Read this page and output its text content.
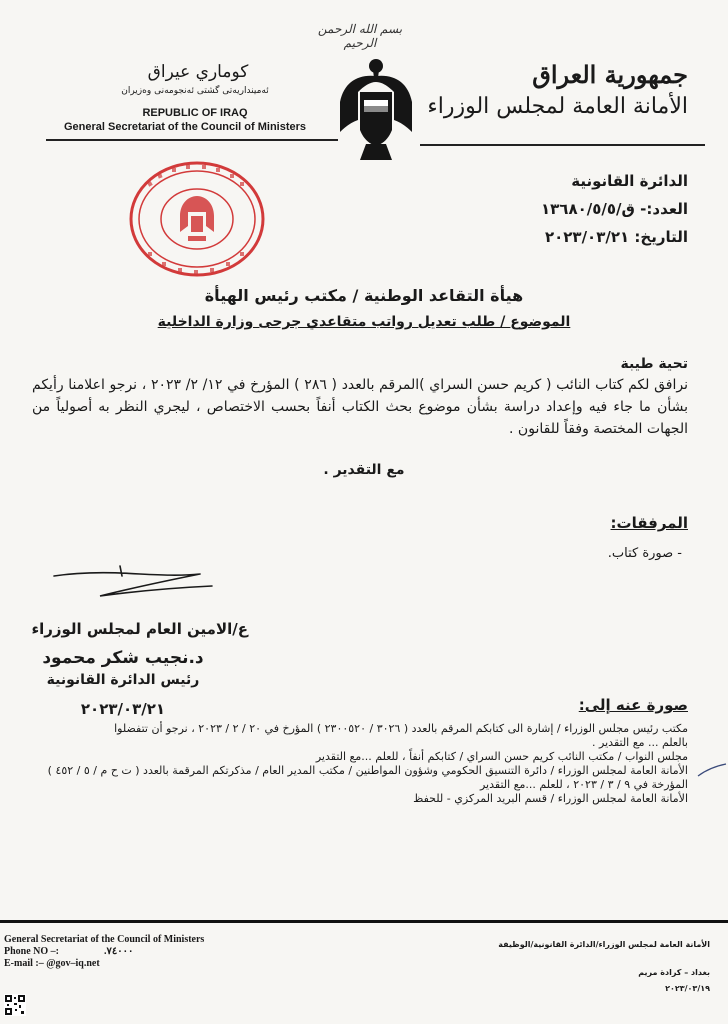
بسم الله الرحمن الرحيم
جمهورية العراق
الأمانة العامة لمجلس الوزراء
كوماري عيراق
ئەمینداریەتی گشتی ئەنجومەنی وەزیران
REPUBLIC OF IRAQ
General Secretariat of the Council of Ministers
الدائرة القانونية
العدد:- ق/١٣٦٨٠/٥/٥
التاريخ: ٢٠٢٣/٠٣/٢١
هيأة التقاعد الوطنية / مكتب رئيس الهيأة
الموضوع / طلب تعديل رواتب متقاعدي جرحى وزارة الداخلية
تحية طيبة
نرافق لكم كتاب النائب ( كريم حسن السراي )المرقم بالعدد ( ٢٨٦ ) المؤرخ في ١٢/ ٢/ ٢٠٢٣ ، نرجو اعلامنا رأيكم بشأن ما جاء فيه وإعداد دراسة بشأن موضوع بحث الكتاب أنفاً بحسب الاختصاص ، ليجري النظر به أصولياً من الجهات المختصة وفقاً للقانون .
مع التقدير .
المرفقات:
- صورة كتاب.
ع/الامين العام لمجلس الوزراء
د.نجيب شكر محمود
رئيس الدائرة القانونية
٢٠٢٣/٠٣/٢١	صورة عنه إلى:
مكتب رئيس مجلس الوزراء / إشارة الى كتابكم المرقم بالعدد ( ٣٠٢٦ / ٢٣٠٠٥٢٠ ) المؤرخ في ٢٠ / ٢ / ٢٠٢٣ ، نرجو أن تتفضلوا
بالعلم ... مع التقدير .
مجلس النواب / مكتب النائب كريم حسن السراي / كتابكم أنفاً ، للعلم ...مع التقدير
الأمانة العامة لمجلس الوزراء / دائرة التنسيق الحكومي وشؤون المواطنين / مكتب المدير العام / مذكرتكم المرقمة بالعدد ( ت ح م / ٥ / ٤٥٢ )
المؤرخة في ٩ / ٣ / ٢٠٢٣ ، للعلم ...مع التقدير
الأمانة العامة لمجلس الوزراء / قسم البريد المركزي - للحفظ
General Secretariat of the Council of Ministers
Phone NO –:	.٧٤٠٠٠
E-mail :– @gov–iq.net
الأمانة العامة لمجلس الوزراء/الدائرة القانونية/الوظيفة
بغداد – كرادة مريم
٢٠٢٣/٠٣/١٩
